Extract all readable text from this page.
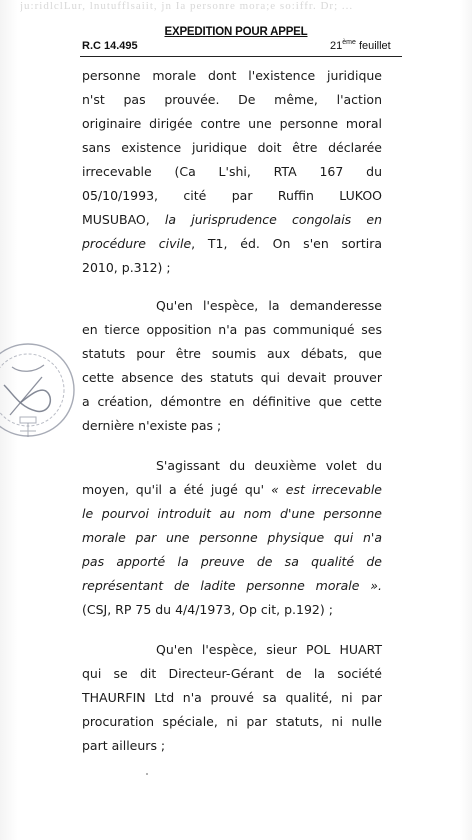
ju:ridlclLur, lnutufflsaiit, jn Ia personre mora;e so:iffr. Dr; ...
EXPEDITION POUR APPEL
R.C 14.495	21ème feuillet
personne morale dont l'existence juridique
n'st pas prouvée. De même, l'action
originaire dirigée contre une personne moral
sans existence juridique doit être déclarée
irrecevable (Ca L'shi, RTA 167 du
05/10/1993, cité par Ruffin LUKOO
MUSUBAO, la jurisprudence congolais en
procédure civile, T1, éd. On s'en sortira
2010, p.312) ;
Qu'en l'espèce, la demanderesse
en tierce opposition n'a pas communiqué ses
statuts pour être soumis aux débats, que
cette absence des statuts qui devait prouver
a création, démontre en définitive que cette
dernière n'existe pas ;
S'agissant du deuxième volet du
moyen, qu'il a été jugé qu' « est irrecevable
le pourvoi introduit au nom d'une personne
morale par une personne physique qui n'a
pas apporté la preuve de sa qualité de
représentant de ladite personne morale ».
(CSJ, RP 75 du 4/4/1973, Op cit, p.192) ;
Qu'en l'espèce, sieur POL HUART
qui se dit Directeur-Gérant de la société
THAURFIN Ltd n'a prouvé sa qualité, ni par
procuration spéciale, ni par statuts, ni nulle
part ailleurs ;
